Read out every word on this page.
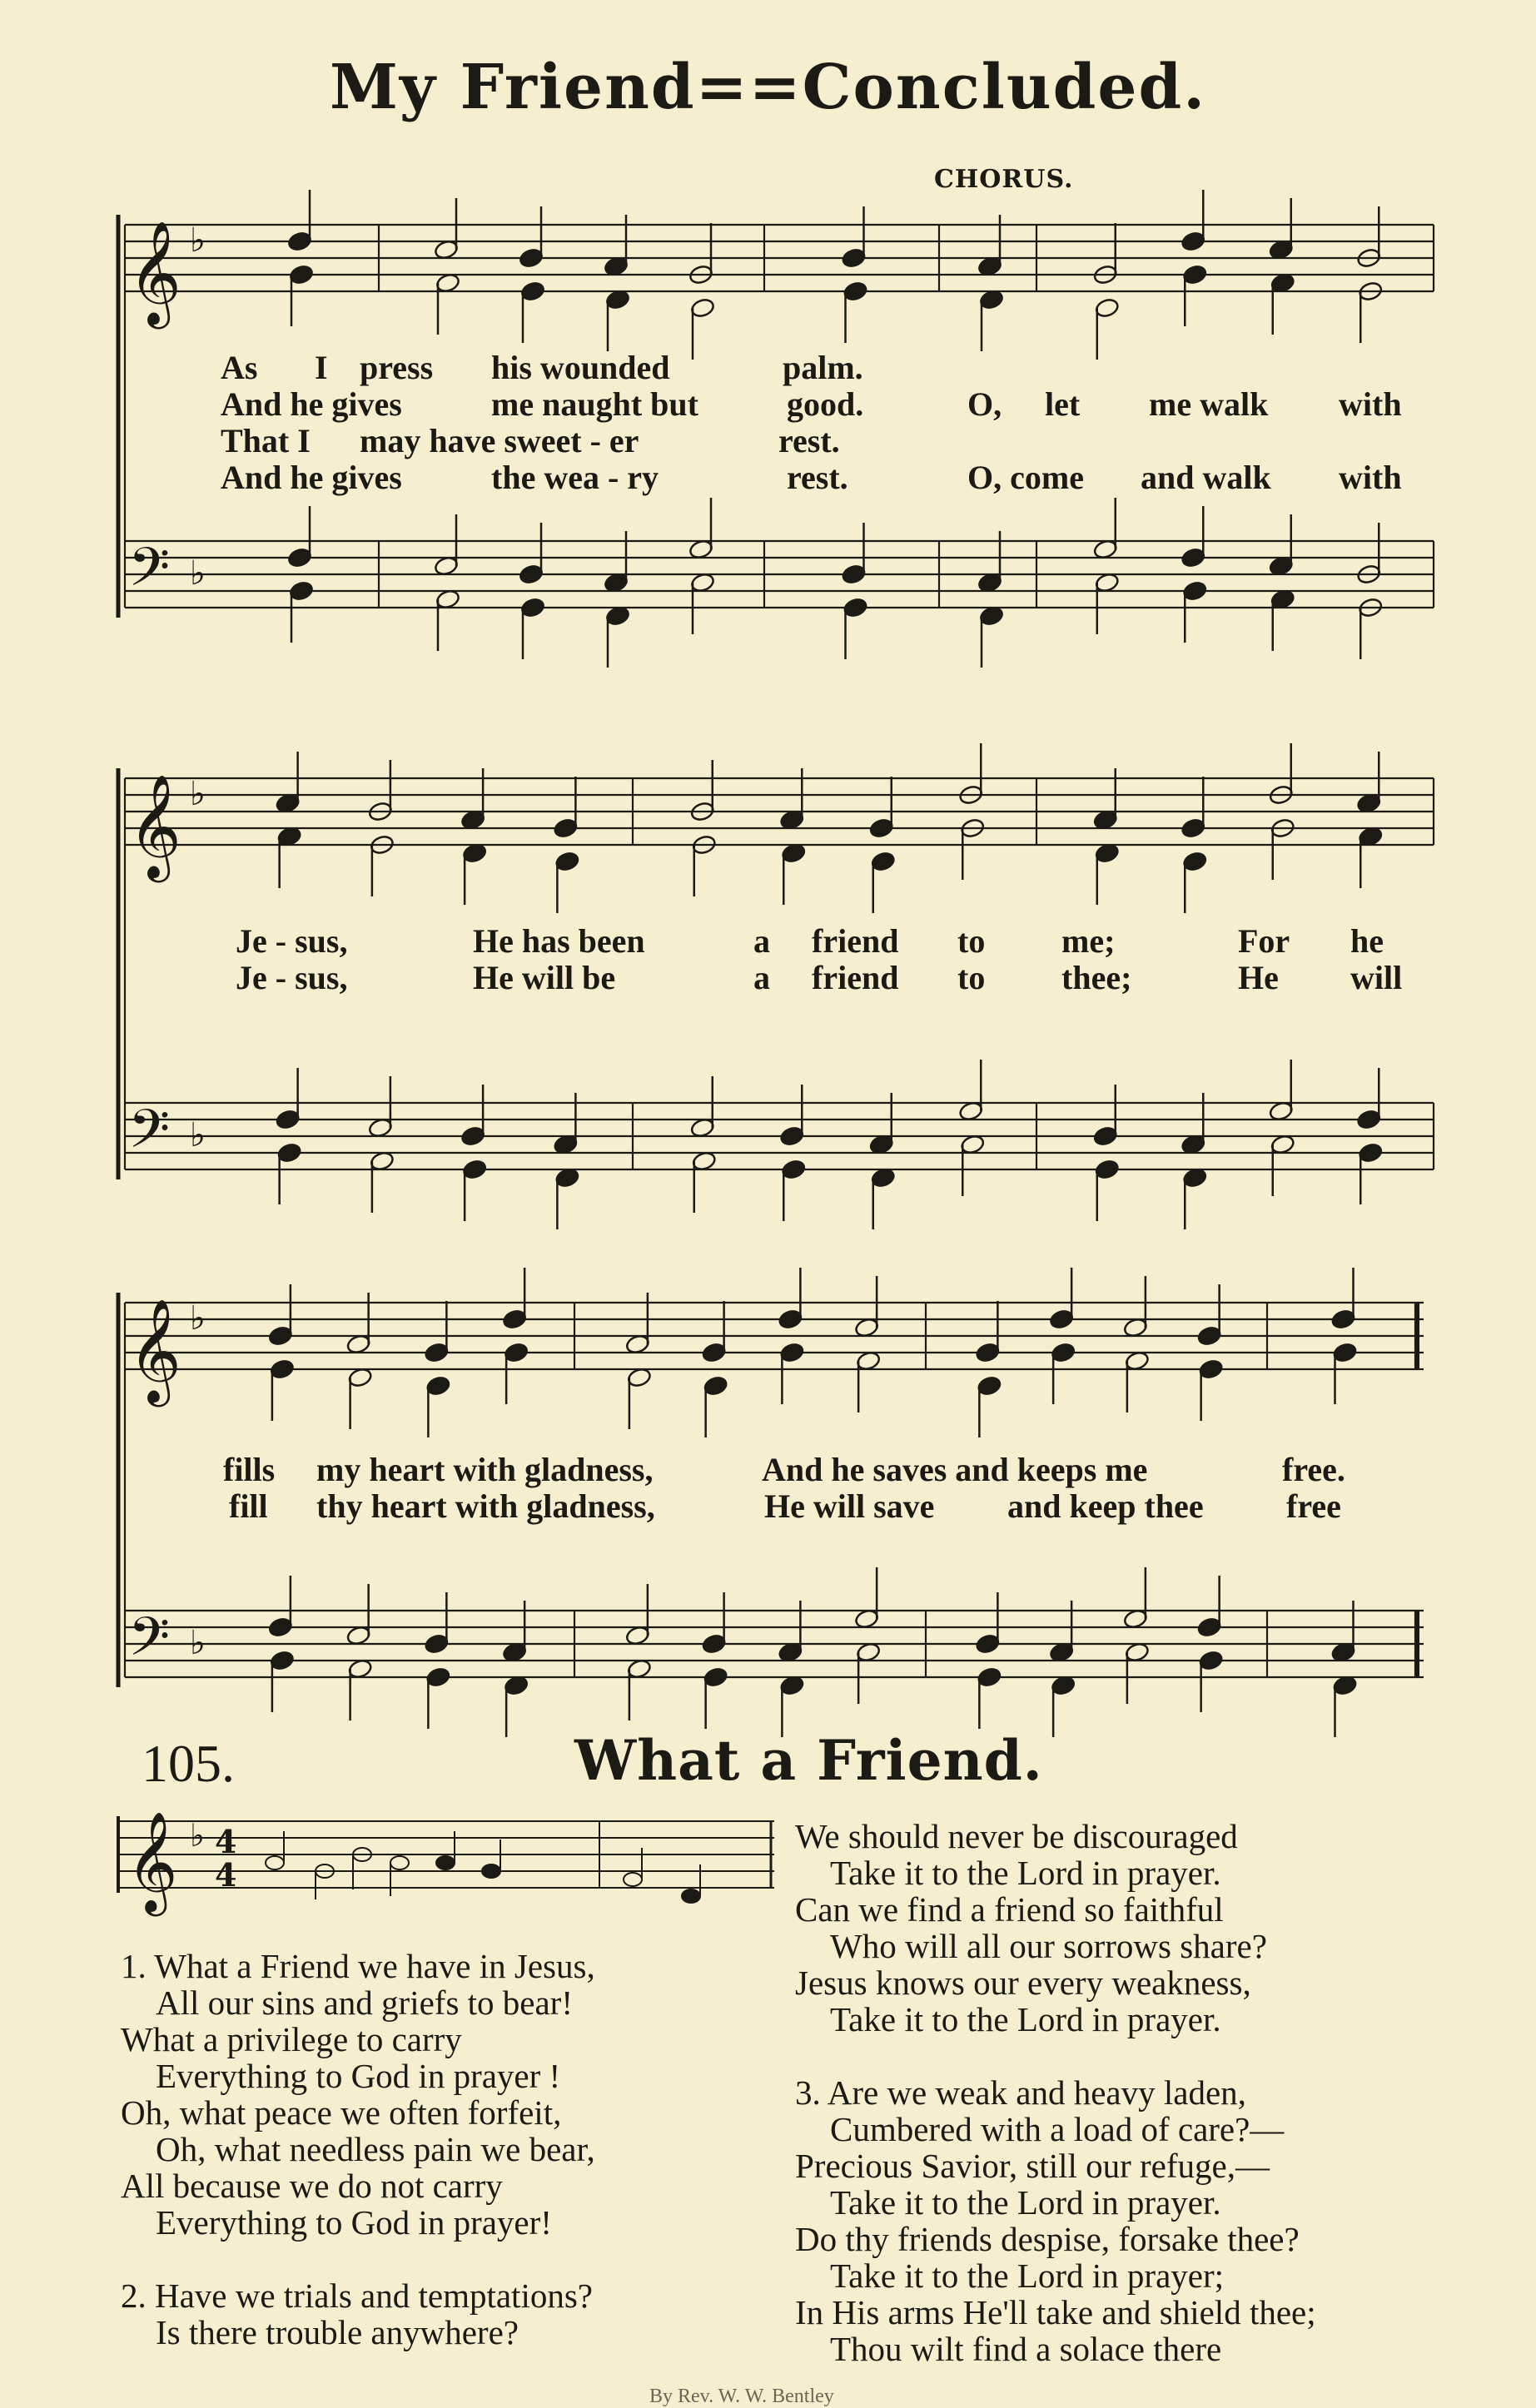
My Friend==Concluded.
CHORUS.
𝄞 ♭
𝄢 ♭
𝄞 ♭
𝄢 ♭
𝄞 ♭
𝄢 ♭
As I press his wounded	palm.
And he gives	me naught but	good.	O, let me walk with
That I may have sweet - er	rest.
And he gives	the wea - ry	rest.	O, come and walk with
Je - sus,	He has been	a friend to me;	For he
Je - sus,	He will be	a friend to thee;	He will
fills my heart with gladness,	And he saves and keeps me	free.
fill thy heart with gladness,	He will save and keep thee free
105.	What a Friend.
𝄞 ♭ 4
4
1. What a Friend we have in Jesus,
All our sins and griefs to bear!
What a privilege to carry
Everything to God in prayer !
Oh, what peace we often forfeit,
Oh, what needless pain we bear,
All because we do not carry
Everything to God in prayer!
2. Have we trials and temptations?
Is there trouble anywhere?
We should never be discouraged
Take it to the Lord in prayer.
Can we find a friend so faithful
Who will all our sorrows share?
Jesus knows our every weakness,
Take it to the Lord in prayer.
3. Are we weak and heavy laden,
Cumbered with a load of care?—
Precious Savior, still our refuge,—
Take it to the Lord in prayer.
Do thy friends despise, forsake thee?
Take it to the Lord in prayer;
In His arms He'll take and shield thee;
Thou wilt find a solace there
By Rev. W. W. Bentley
